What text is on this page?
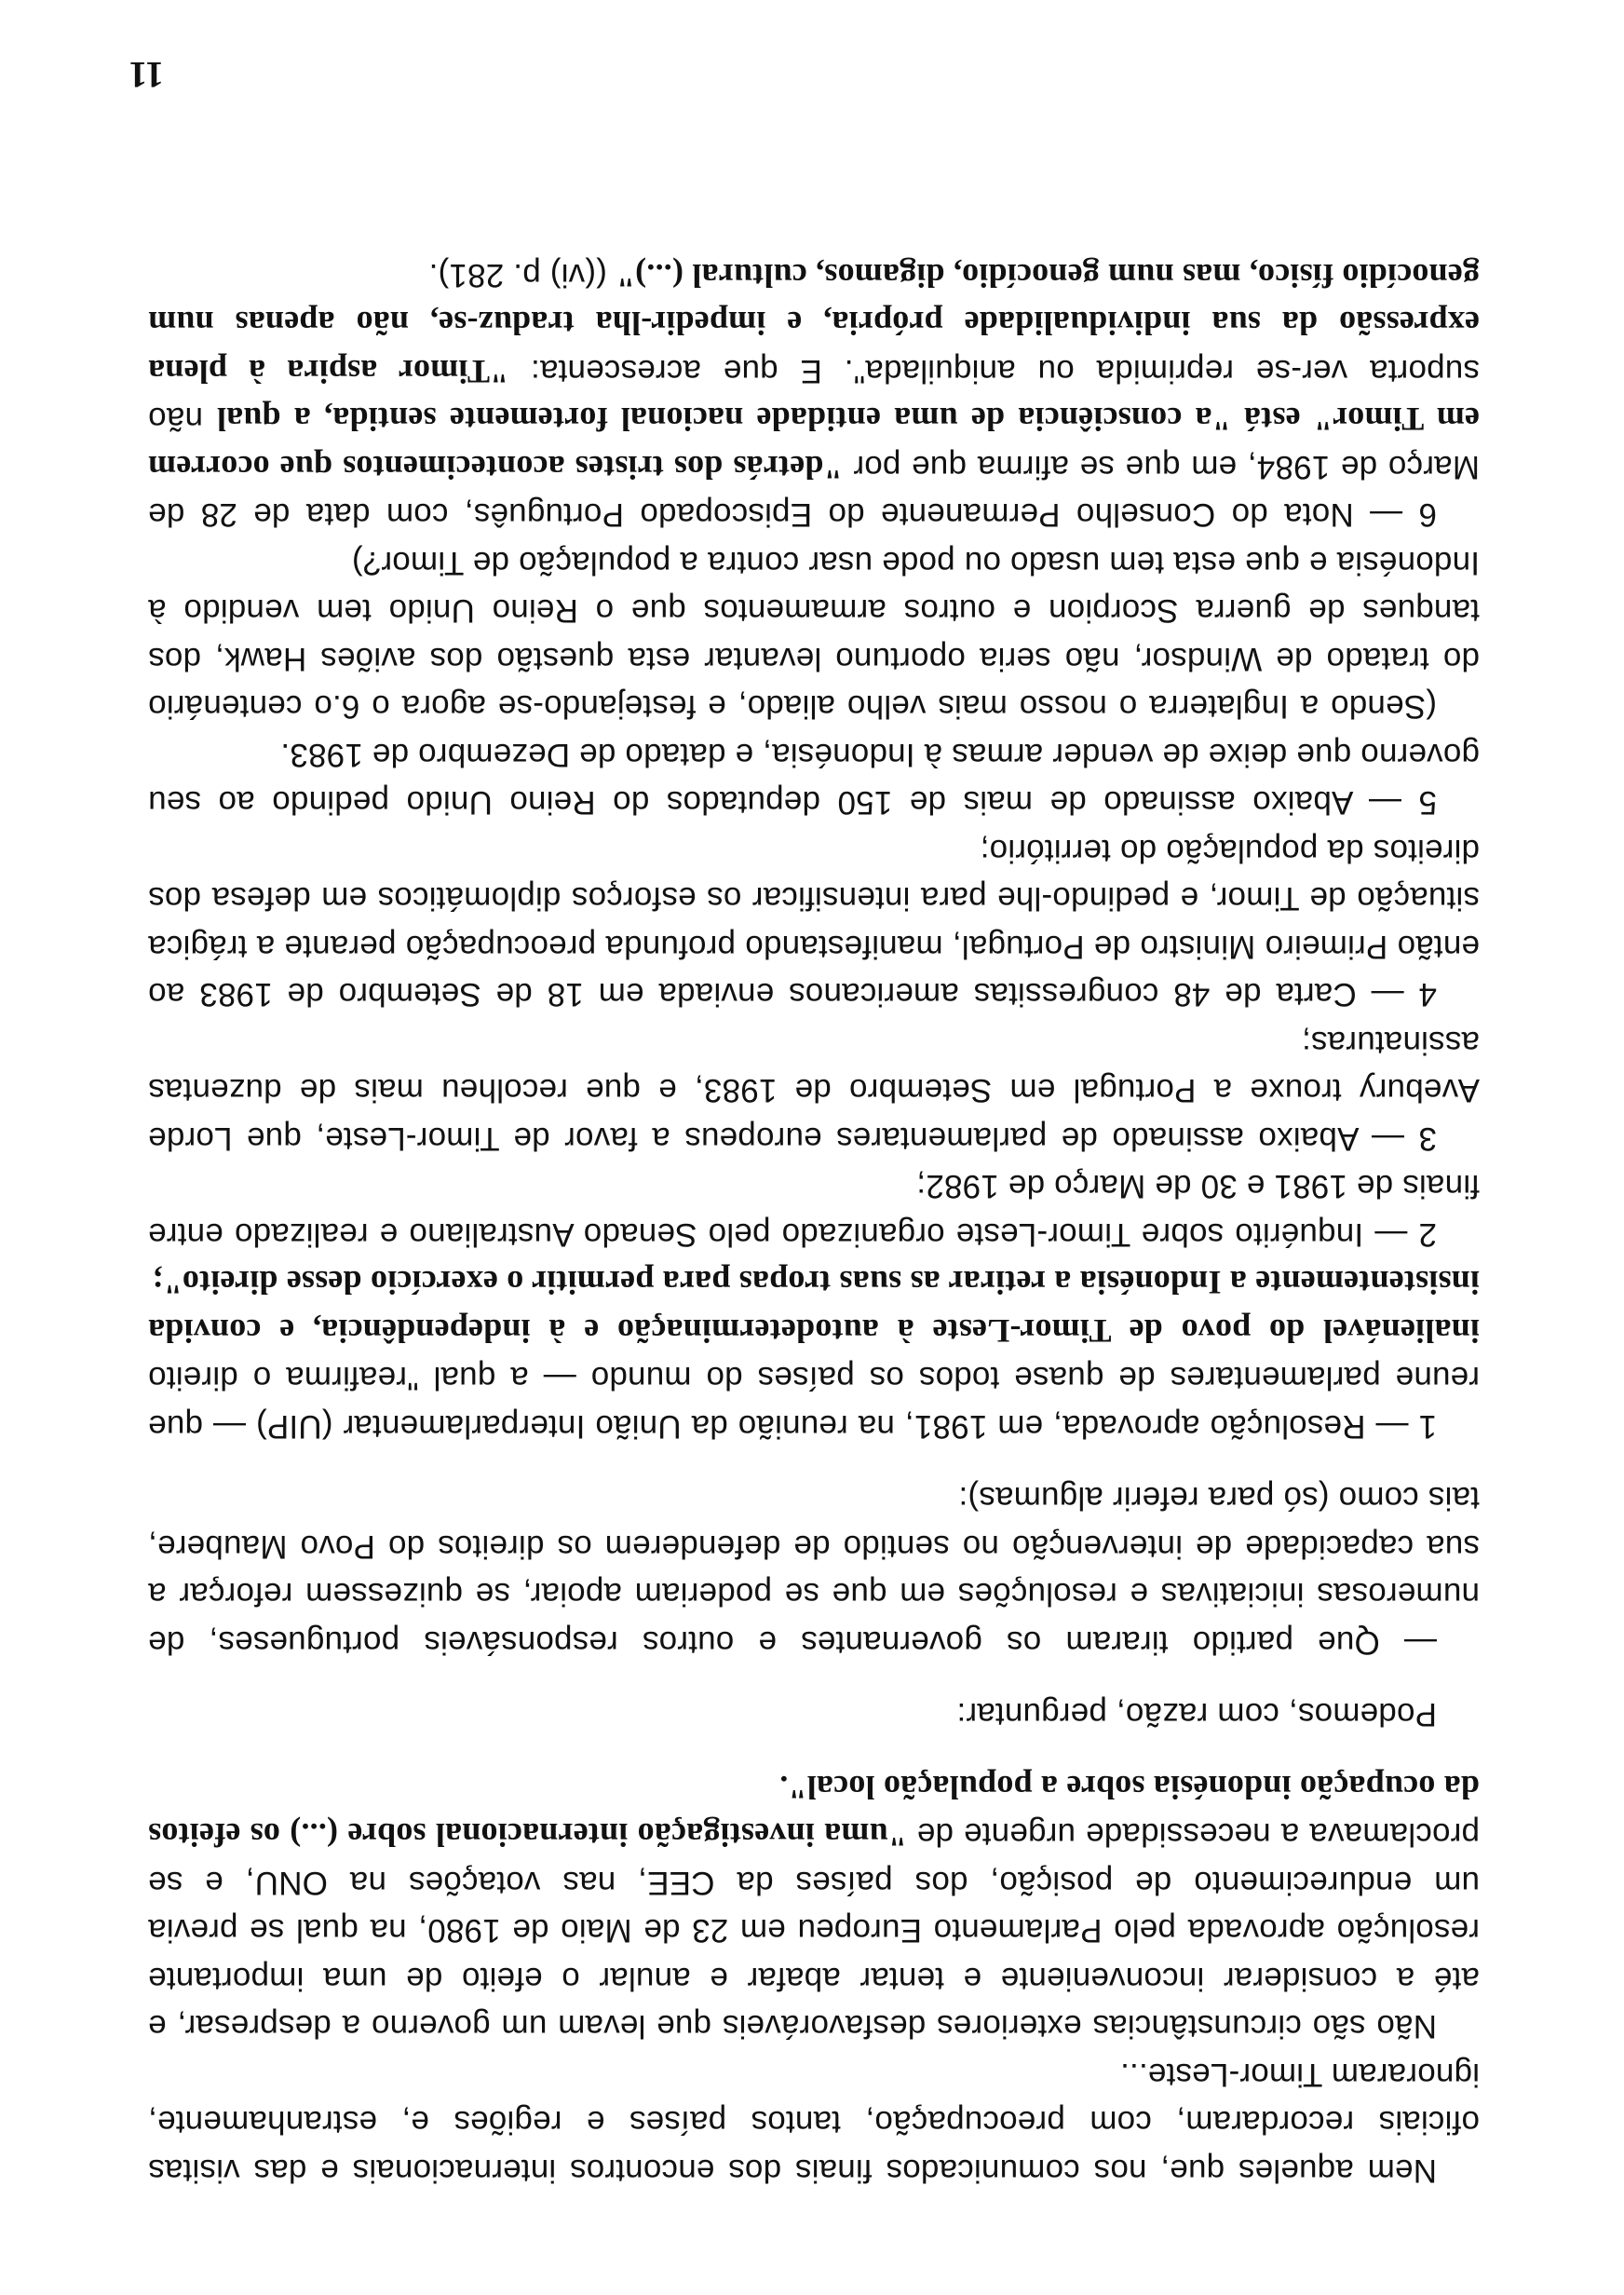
Nem aqueles que, nos comunicados finais dos encontros internacionais e das visitas oficiais recordaram, com preocupação, tantos países e regiões e, estranhamente, ignoraram Timor-Leste...

Não são circunstâncias exteriores desfavoráveis que levam um governo a despresar, e até a considerar inconveniente e tentar abafar e anular o efeito de uma importante resolução aprovada pelo Parlamento Europeu em 23 de Maio de 1980, na qual se previa um endurecimento de posição, dos países da CEE, nas votações na ONU, e se proclamava a necessidade urgente de "uma investigação internacional sobre (...) os efeitos da ocupação indonésia sobre a população local".

Podemos, com razão, perguntar:

— Que partido tiraram os governantes e outros responsáveis portugueses, de numerosas iniciativas e resoluções em que se poderiam apoiar, se quizessem reforçar a sua capacidade de intervenção no sentido de defenderem os direitos do Povo Maubere, tais como (só para referir algumas):

1 — Resolução aprovada, em 1981, na reunião da União Interparlamentar (UIP) — que reune parlamentares de quase todos os países do mundo — a qual "reafirma o direito inalienável do povo de Timor-Leste à autodeterminação e à independência, e convida insistentemente a Indonésia a retirar as suas tropas para permitir o exercício desse direito";

2 — Inquérito sobre Timor-Leste organizado pelo Senado Australiano e realizado entre finais de 1981 e 30 de Março de 1982;

3 — Abaixo assinado de parlamentares europeus a favor de Timor-Leste, que Lorde Avebury trouxe a Portugal em Setembro de 1983, e que recolheu mais de duzentas assinaturas;

4 — Carta de 48 congressitas americanos enviada em 18 de Setembro de 1983 ao então Primeiro Ministro de Portugal, manifestando profunda preocupação perante a trágica situação de Timor, e pedindo-lhe para intensificar os esforços diplomáticos em defesa dos direitos da população do território;

5 — Abaixo assinado de mais de 150 deputados do Reino Unido pedindo ao seu governo que deixe de vender armas à Indonésia, e datado de Dezembro de 1983.

(Sendo a Inglaterra o nosso mais velho aliado, e festejando-se agora o 6.o centenário do tratado de Windsor, não seria oportuno levantar esta questão dos aviões Hawk, dos tanques de guerra Scorpion e outros armamentos que o Reino Unido tem vendido à Indonésia e que esta tem usado ou pode usar contra a população de Timor?)

6 — Nota do Conselho Permanente do Episcopado Português, com data de 28 de Março de 1984, em que se afirma que por "detrás dos tristes acontecimentos que ocorrem em Timor" está "a consciência de uma entidade nacional fortemente sentida, a qual não suporta ver-se reprimida ou aniquilada". E que acrescenta: "Timor aspira à plena expressão da sua individualidade própria, e impedir-lha traduz-se, não apenas num genocídio físico, mas num genocídio, digamos, cultural (...)" ((vi) p. 281).

11
